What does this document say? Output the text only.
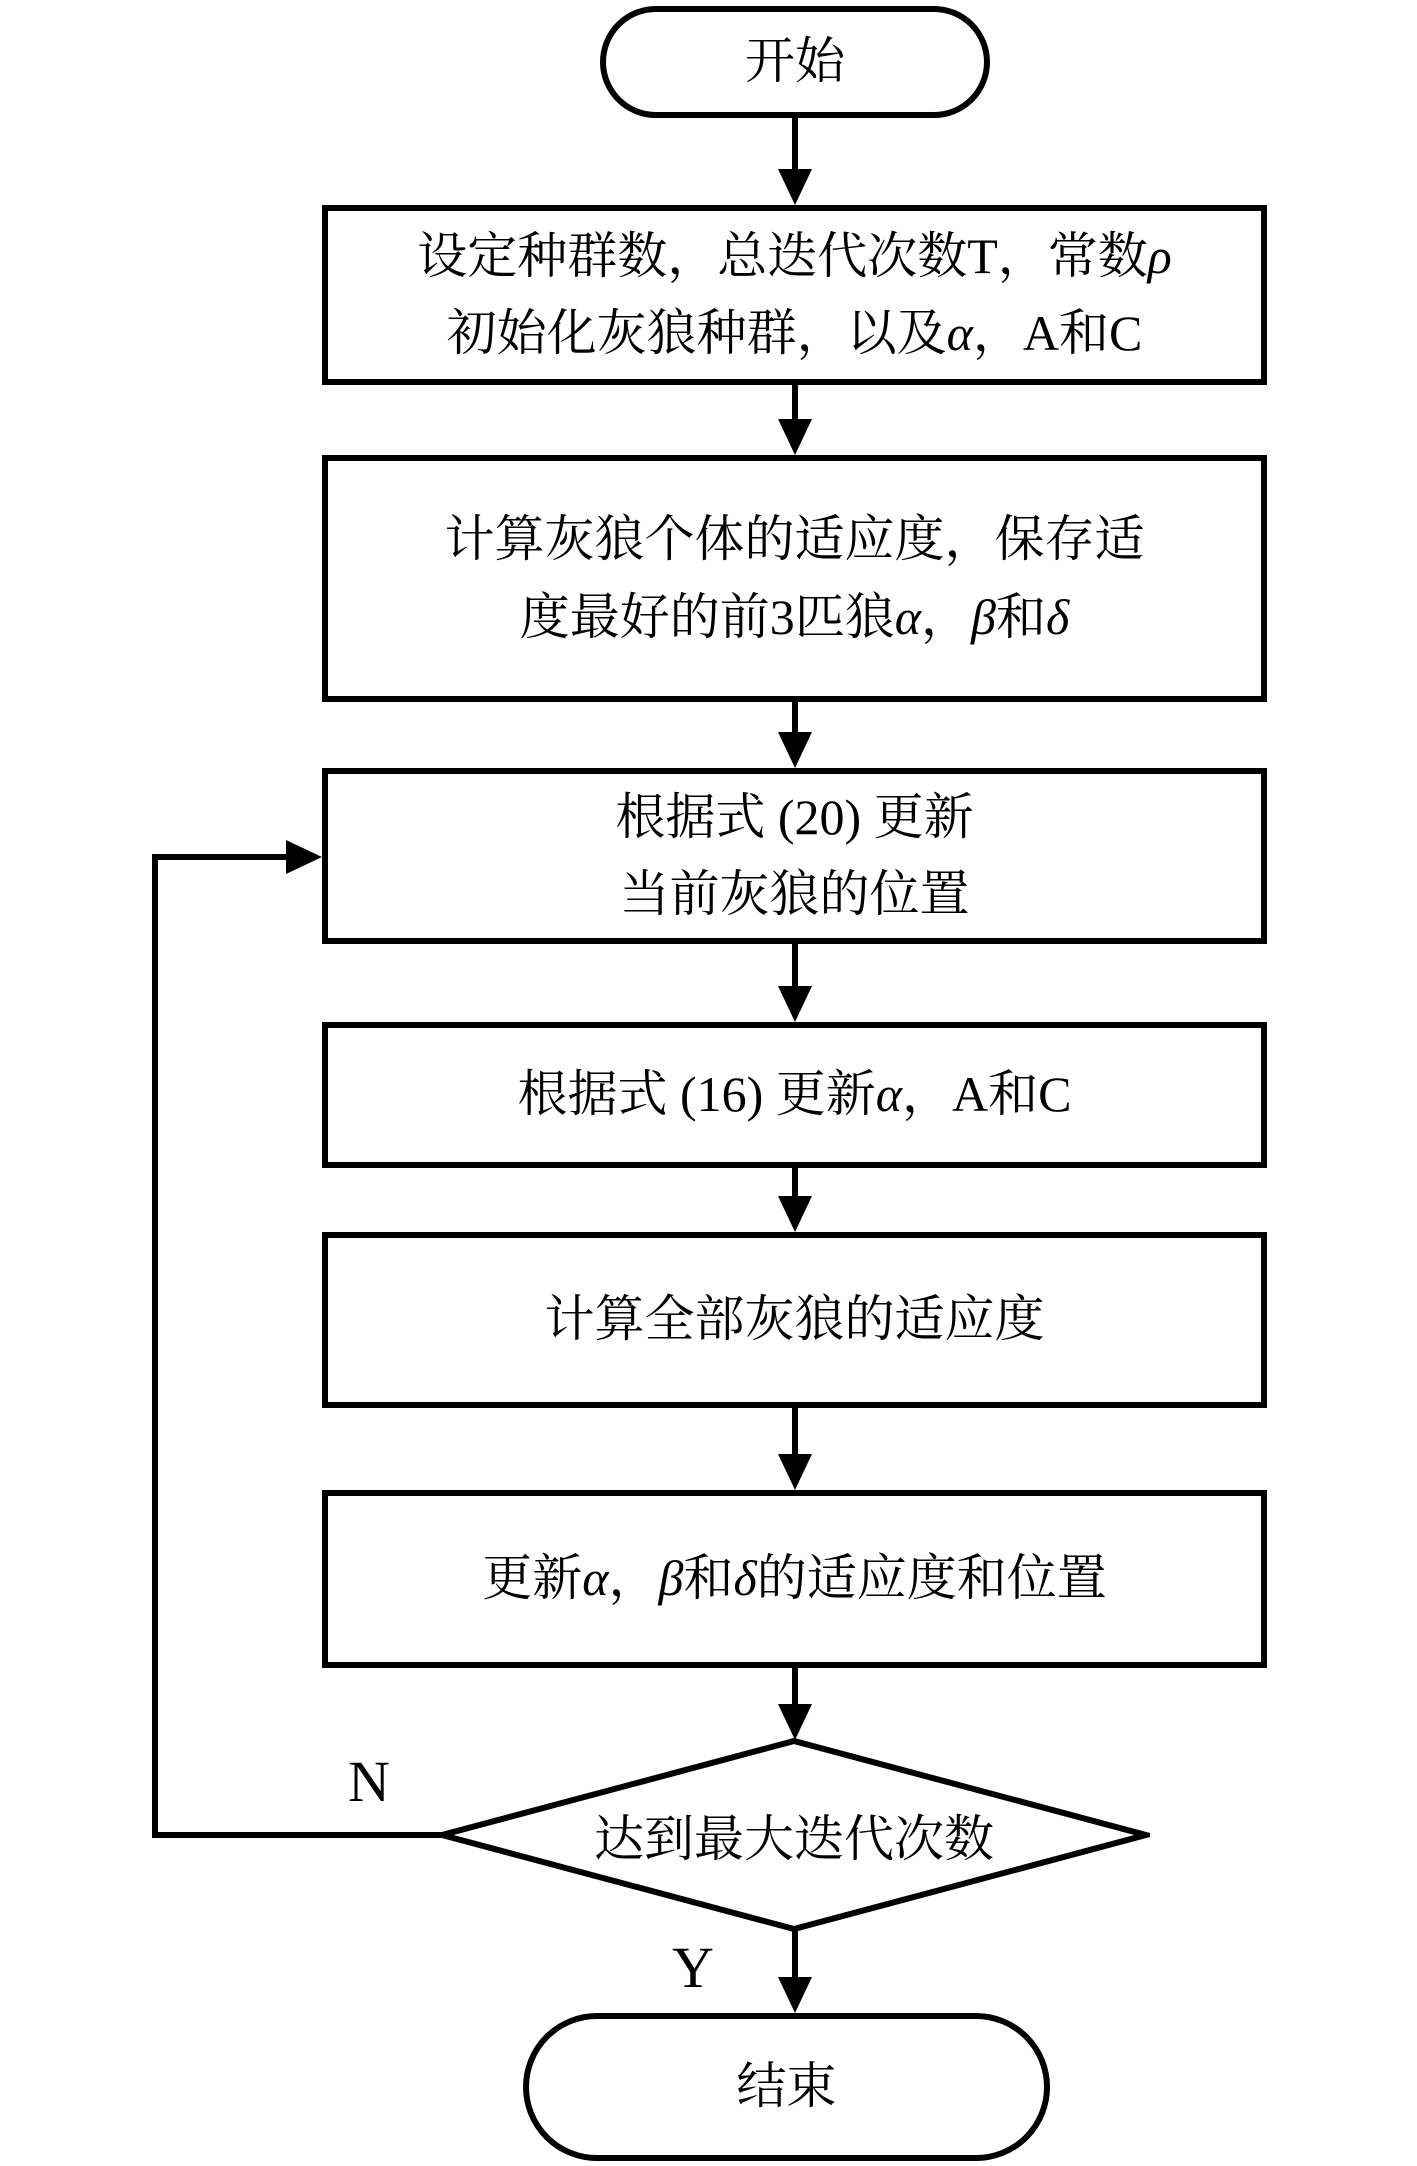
开始
设定种群数，总迭代次数T，常数ρ
初始化灰狼种群，以及α，A和C
计算灰狼个体的适应度，保存适
度最好的前3匹狼α，β和δ
根据式 (20) 更新
当前灰狼的位置
根据式 (16) 更新α，A和C
计算全部灰狼的适应度
更新α，β和δ的适应度和位置
达到最大迭代次数
结束
N
Y
